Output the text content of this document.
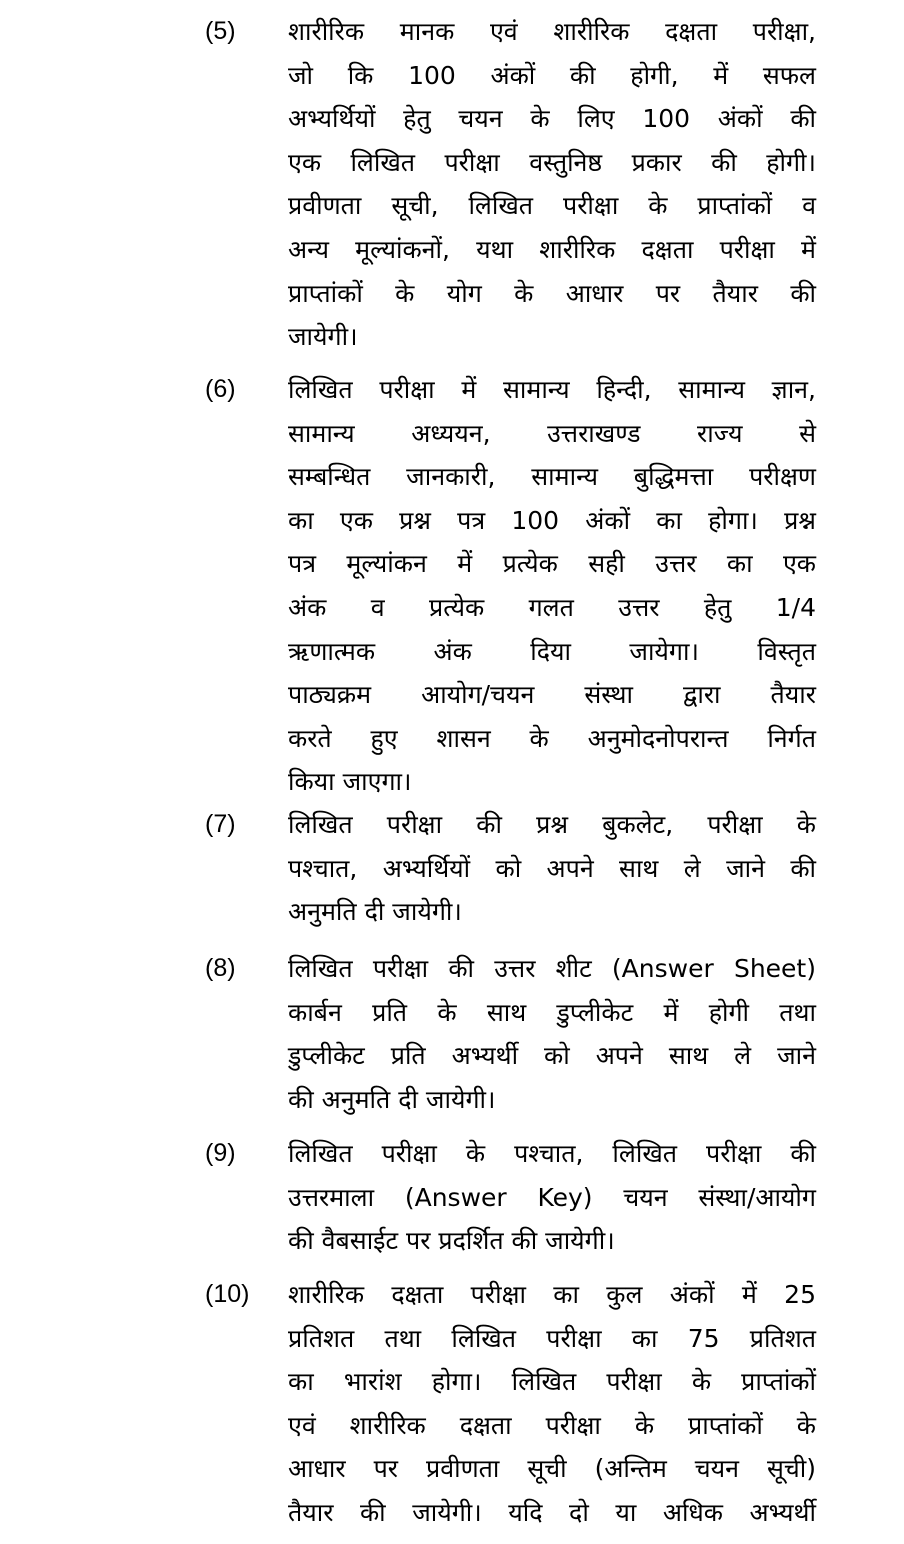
(5) शारीरिक मानक एवं शारीरिक दक्षता परीक्षा,
जो कि 100 अंकों की होगी, में सफल
अभ्यर्थियों हेतु चयन के लिए 100 अंकों की
एक लिखित परीक्षा वस्तुनिष्ठ प्रकार की होगी।
प्रवीणता सूची, लिखित परीक्षा के प्राप्तांकों व
अन्य मूल्यांकनों, यथा शारीरिक दक्षता परीक्षा में
प्राप्तांकों के योग के आधार पर तैयार की
जायेगी।
(6) लिखित परीक्षा में सामान्य हिन्दी, सामान्य ज्ञान,
सामान्य अध्ययन, उत्तराखण्ड राज्य से
सम्बन्धित जानकारी, सामान्य बुद्धिमत्ता परीक्षण
का एक प्रश्न पत्र 100 अंकों का होगा। प्रश्न
पत्र मूल्यांकन में प्रत्येक सही उत्तर का एक
अंक व प्रत्येक गलत उत्तर हेतु 1/4
ऋणात्मक अंक दिया जायेगा। विस्तृत
पाठ्यक्रम आयोग/चयन संस्था द्वारा तैयार
करते हुए शासन के अनुमोदनोपरान्त निर्गत
किया जाएगा।
(7) लिखित परीक्षा की प्रश्न बुकलेट, परीक्षा के
पश्चात, अभ्यर्थियों को अपने साथ ले जाने की
अनुमति दी जायेगी।
(8) लिखित परीक्षा की उत्तर शीट (Answer Sheet)
कार्बन प्रति के साथ डुप्लीकेट में होगी तथा
डुप्लीकेट प्रति अभ्यर्थी को अपने साथ ले जाने
की अनुमति दी जायेगी।
(9) लिखित परीक्षा के पश्चात, लिखित परीक्षा की
उत्तरमाला (Answer Key) चयन संस्था/आयोग
की वैबसाईट पर प्रदर्शित की जायेगी।
(10) शारीरिक दक्षता परीक्षा का कुल अंकों में 25
प्रतिशत तथा लिखित परीक्षा का 75 प्रतिशत
का भारांश होगा। लिखित परीक्षा के प्राप्तांकों
एवं शारीरिक दक्षता परीक्षा के प्राप्तांकों के
आधार पर प्रवीणता सूची (अन्तिम चयन सूची)
तैयार की जायेगी। यदि दो या अधिक अभ्यर्थी
